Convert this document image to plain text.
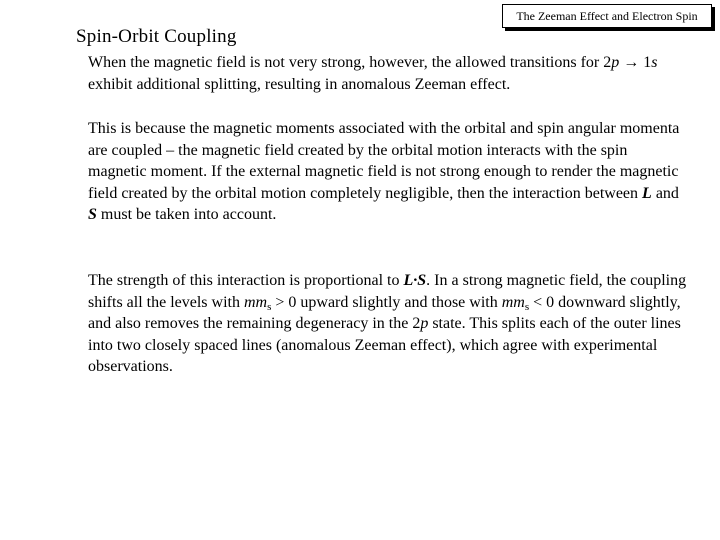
The Zeeman Effect and Electron Spin
Spin-Orbit Coupling

When the magnetic field is not very strong, however, the allowed transitions for 2p → 1s exhibit additional splitting, resulting in anomalous Zeeman effect.

This is because the magnetic moments associated with the orbital and spin angular momenta are coupled – the magnetic field created by the orbital motion interacts with the spin magnetic moment. If the external magnetic field is not strong enough to render the magnetic field created by the orbital motion completely negligible, then the interaction between L and S must be taken into account.

The strength of this interaction is proportional to L∙S. In a strong magnetic field, the coupling shifts all the levels with $mm_s > 0$ upward slightly and those with $mm_s < 0$ downward slightly, and also removes the remaining degeneracy in the 2p state. This splits each of the outer lines into two closely spaced lines (anomalous Zeeman effect), which agree with experimental observations.
